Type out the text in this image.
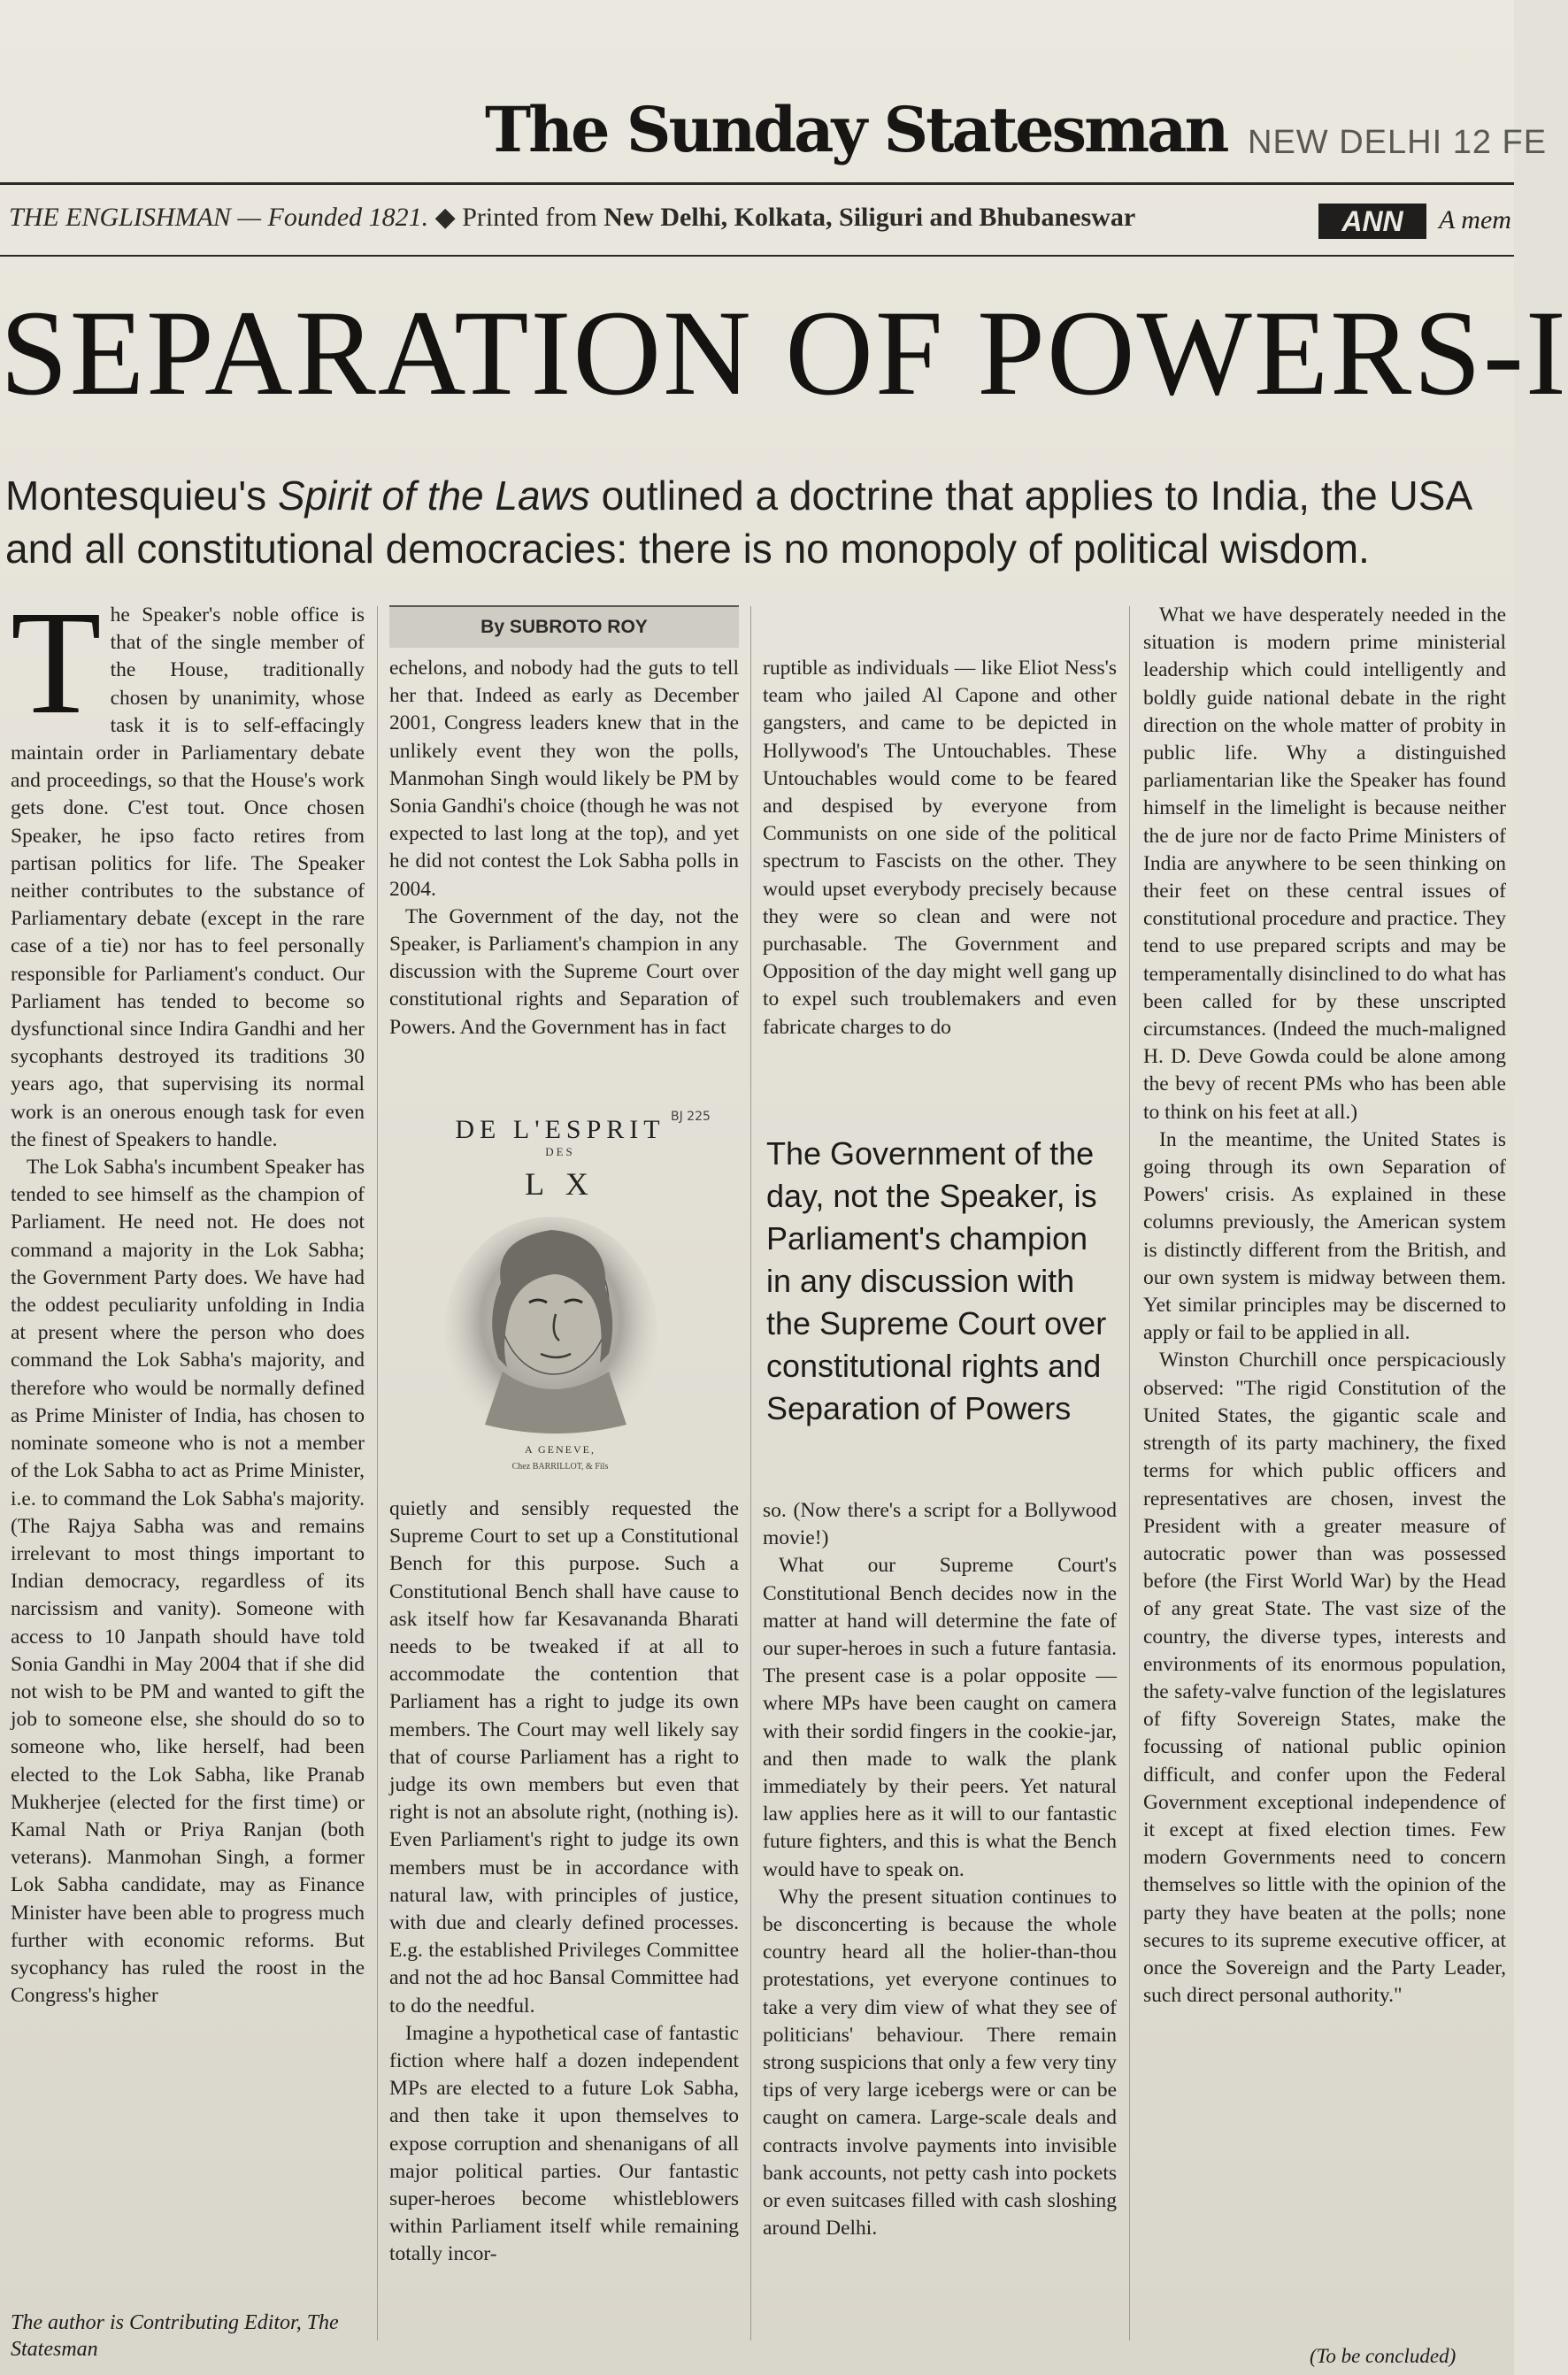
The Sunday Statesman NEW DELHI 12 FE
THE ENGLISHMAN — Founded 1821. ◆ Printed from New Delhi, Kolkata, Siliguri and Bhubaneswar	ANN	A mem
SEPARATION OF POWERS-I
Montesquieu's Spirit of the Laws outlined a doctrine that applies to India, the USA and all constitutional democracies: there is no monopoly of political wisdom.

The Speaker's noble office is that of the single member of the House, traditionally chosen by unanimity, whose task it is to self-effacingly maintain order in Parliamentary debate and proceedings, so that the House's work gets done. C'est tout. Once chosen Speaker, he ipso facto retires from partisan politics for life. The Speaker neither contributes to the substance of Parliamentary debate (except in the rare case of a tie) nor has to feel personally responsible for Parliament's conduct. Our Parliament has tended to become so dysfunctional since Indira Gandhi and her sycophants destroyed its traditions 30 years ago, that supervising its normal work is an onerous enough task for even the finest of Speakers to handle.

The Lok Sabha's incumbent Speaker has tended to see himself as the champion of Parliament. He need not. He does not command a majority in the Lok Sabha; the Government Party does. We have had the oddest peculiarity unfolding in India at present where the person who does command the Lok Sabha's majority, and therefore who would be normally defined as Prime Minister of India, has chosen to nominate someone who is not a member of the Lok Sabha to act as Prime Minister, i.e. to command the Lok Sabha's majority. (The Rajya Sabha was and remains irrelevant to most things important to Indian democracy, regardless of its narcissism and vanity). Someone with access to 10 Janpath should have told Sonia Gandhi in May 2004 that if she did not wish to be PM and wanted to gift the job to someone else, she should do so to someone who, like herself, had been elected to the Lok Sabha, like Pranab Mukherjee (elected for the first time) or Kamal Nath or Priya Ranjan (both veterans). Manmohan Singh, a former Lok Sabha candidate, may as Finance Minister have been able to progress much further with economic reforms. But sycophancy has ruled the roost in the Congress's higher

The author is Contributing Editor, The Statesman
By SUBROTO ROY

echelons, and nobody had the guts to tell her that. Indeed as early as December 2001, Congress leaders knew that in the unlikely event they won the polls, Manmohan Singh would likely be PM by Sonia Gandhi's choice (though he was not expected to last long at the top), and yet he did not contest the Lok Sabha polls in 2004.

The Government of the day, not the Speaker, is Parliament's champion in any discussion with the Supreme Court over constitutional rights and Separation of Powers. And the Government has in fact

DE L'ESPRIT BJ 225
DES
L X
A GENEVE,
Chez BARRILLOT, & Fils

quietly and sensibly requested the Supreme Court to set up a Constitutional Bench for this purpose. Such a Constitutional Bench shall have cause to ask itself how far Kesavananda Bharati needs to be tweaked if at all to accommodate the contention that Parliament has a right to judge its own members. The Court may well likely say that of course Parliament has a right to judge its own members but even that right is not an absolute right, (nothing is). Even Parliament's right to judge its own members must be in accordance with natural law, with principles of justice, with due and clearly defined processes. E.g. the established Privileges Committee and not the ad hoc Bansal Committee had to do the needful.

Imagine a hypothetical case of fantastic fiction where half a dozen independent MPs are elected to a future Lok Sabha, and then take it upon themselves to expose corruption and shenanigans of all major political parties. Our fantastic super-heroes become whistleblowers within Parliament itself while remaining totally incor-

ruptible as individuals — like Eliot Ness's team who jailed Al Capone and other gangsters, and came to be depicted in Hollywood's The Untouchables. These Untouchables would come to be feared and despised by everyone from Communists on one side of the political spectrum to Fascists on the other. They would upset everybody precisely because they were so clean and were not purchasable. The Government and Opposition of the day might well gang up to expel such troublemakers and even fabricate charges to do

The Government of the day, not the Speaker, is Parliament's champion in any discussion with the Supreme Court over constitutional rights and Separation of Powers

so. (Now there's a script for a Bollywood movie!)

What our Supreme Court's Constitutional Bench decides now in the matter at hand will determine the fate of our super-heroes in such a future fantasia. The present case is a polar opposite — where MPs have been caught on camera with their sordid fingers in the cookie-jar, and then made to walk the plank immediately by their peers. Yet natural law applies here as it will to our fantastic future fighters, and this is what the Bench would have to speak on.

Why the present situation continues to be disconcerting is because the whole country heard all the holier-than-thou protestations, yet everyone continues to take a very dim view of what they see of politicians' behaviour. There remain strong suspicions that only a few very tiny tips of very large icebergs were or can be caught on camera. Large-scale deals and contracts involve payments into invisible bank accounts, not petty cash into pockets or even suitcases filled with cash sloshing around Delhi.

What we have desperately needed in the situation is modern prime ministerial leadership which could intelligently and boldly guide national debate in the right direction on the whole matter of probity in public life. Why a distinguished parliamentarian like the Speaker has found himself in the limelight is because neither the de jure nor de facto Prime Ministers of India are anywhere to be seen thinking on their feet on these central issues of constitutional procedure and practice. They tend to use prepared scripts and may be temperamentally disinclined to do what has been called for by these unscripted circumstances. (Indeed the much-maligned H. D. Deve Gowda could be alone among the bevy of recent PMs who has been able to think on his feet at all.)

In the meantime, the United States is going through its own Separation of Powers' crisis. As explained in these columns previously, the American system is distinctly different from the British, and our own system is midway between them. Yet similar principles may be discerned to apply or fail to be applied in all.

Winston Churchill once perspicaciously observed: "The rigid Constitution of the United States, the gigantic scale and strength of its party machinery, the fixed terms for which public officers and representatives are chosen, invest the President with a greater measure of autocratic power than was possessed before (the First World War) by the Head of any great State. The vast size of the country, the diverse types, interests and environments of its enormous population, the safety-valve function of the legislatures of fifty Sovereign States, make the focussing of national public opinion difficult, and confer upon the Federal Government exceptional independence of it except at fixed election times. Few modern Governments need to concern themselves so little with the opinion of the party they have beaten at the polls; none secures to its supreme executive officer, at once the Sovereign and the Party Leader, such direct personal authority."

(To be concluded)
